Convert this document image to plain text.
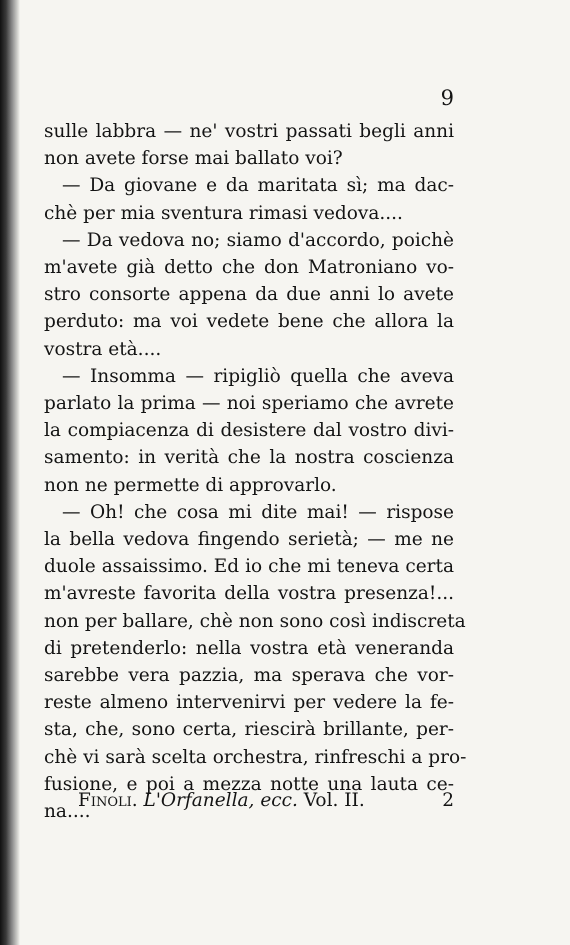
9
sulle labbra — ne' vostri passati begli anni
non avete forse mai ballato voi?
— Da giovane e da maritata sì; ma dac-
chè per mia sventura rimasi vedova....
— Da vedova no; siamo d'accordo, poichè
m'avete già detto che don Matroniano vo-
stro consorte appena da due anni lo avete
perduto: ma voi vedete bene che allora la
vostra età....
— Insomma — ripigliò quella che aveva
parlato la prima — noi speriamo che avrete
la compiacenza di desistere dal vostro divi-
samento: in verità che la nostra coscienza
non ne permette di approvarlo.
— Oh! che cosa mi dite mai! — rispose
la bella vedova fingendo serietà; — me ne
duole assaissimo. Ed io che mi teneva certa
m'avreste favorita della vostra presenza!...
non per ballare, chè non sono così indiscreta
di pretenderlo: nella vostra età veneranda
sarebbe vera pazzia, ma sperava che vor-
reste almeno intervenirvi per vedere la fe-
sta, che, sono certa, riescirà brillante, per-
chè vi sarà scelta orchestra, rinfreschi a pro-
fusione, e poi a mezza notte una lauta ce-
na....
Finoli. L'Orfanella, ecc. Vol. II.	2
